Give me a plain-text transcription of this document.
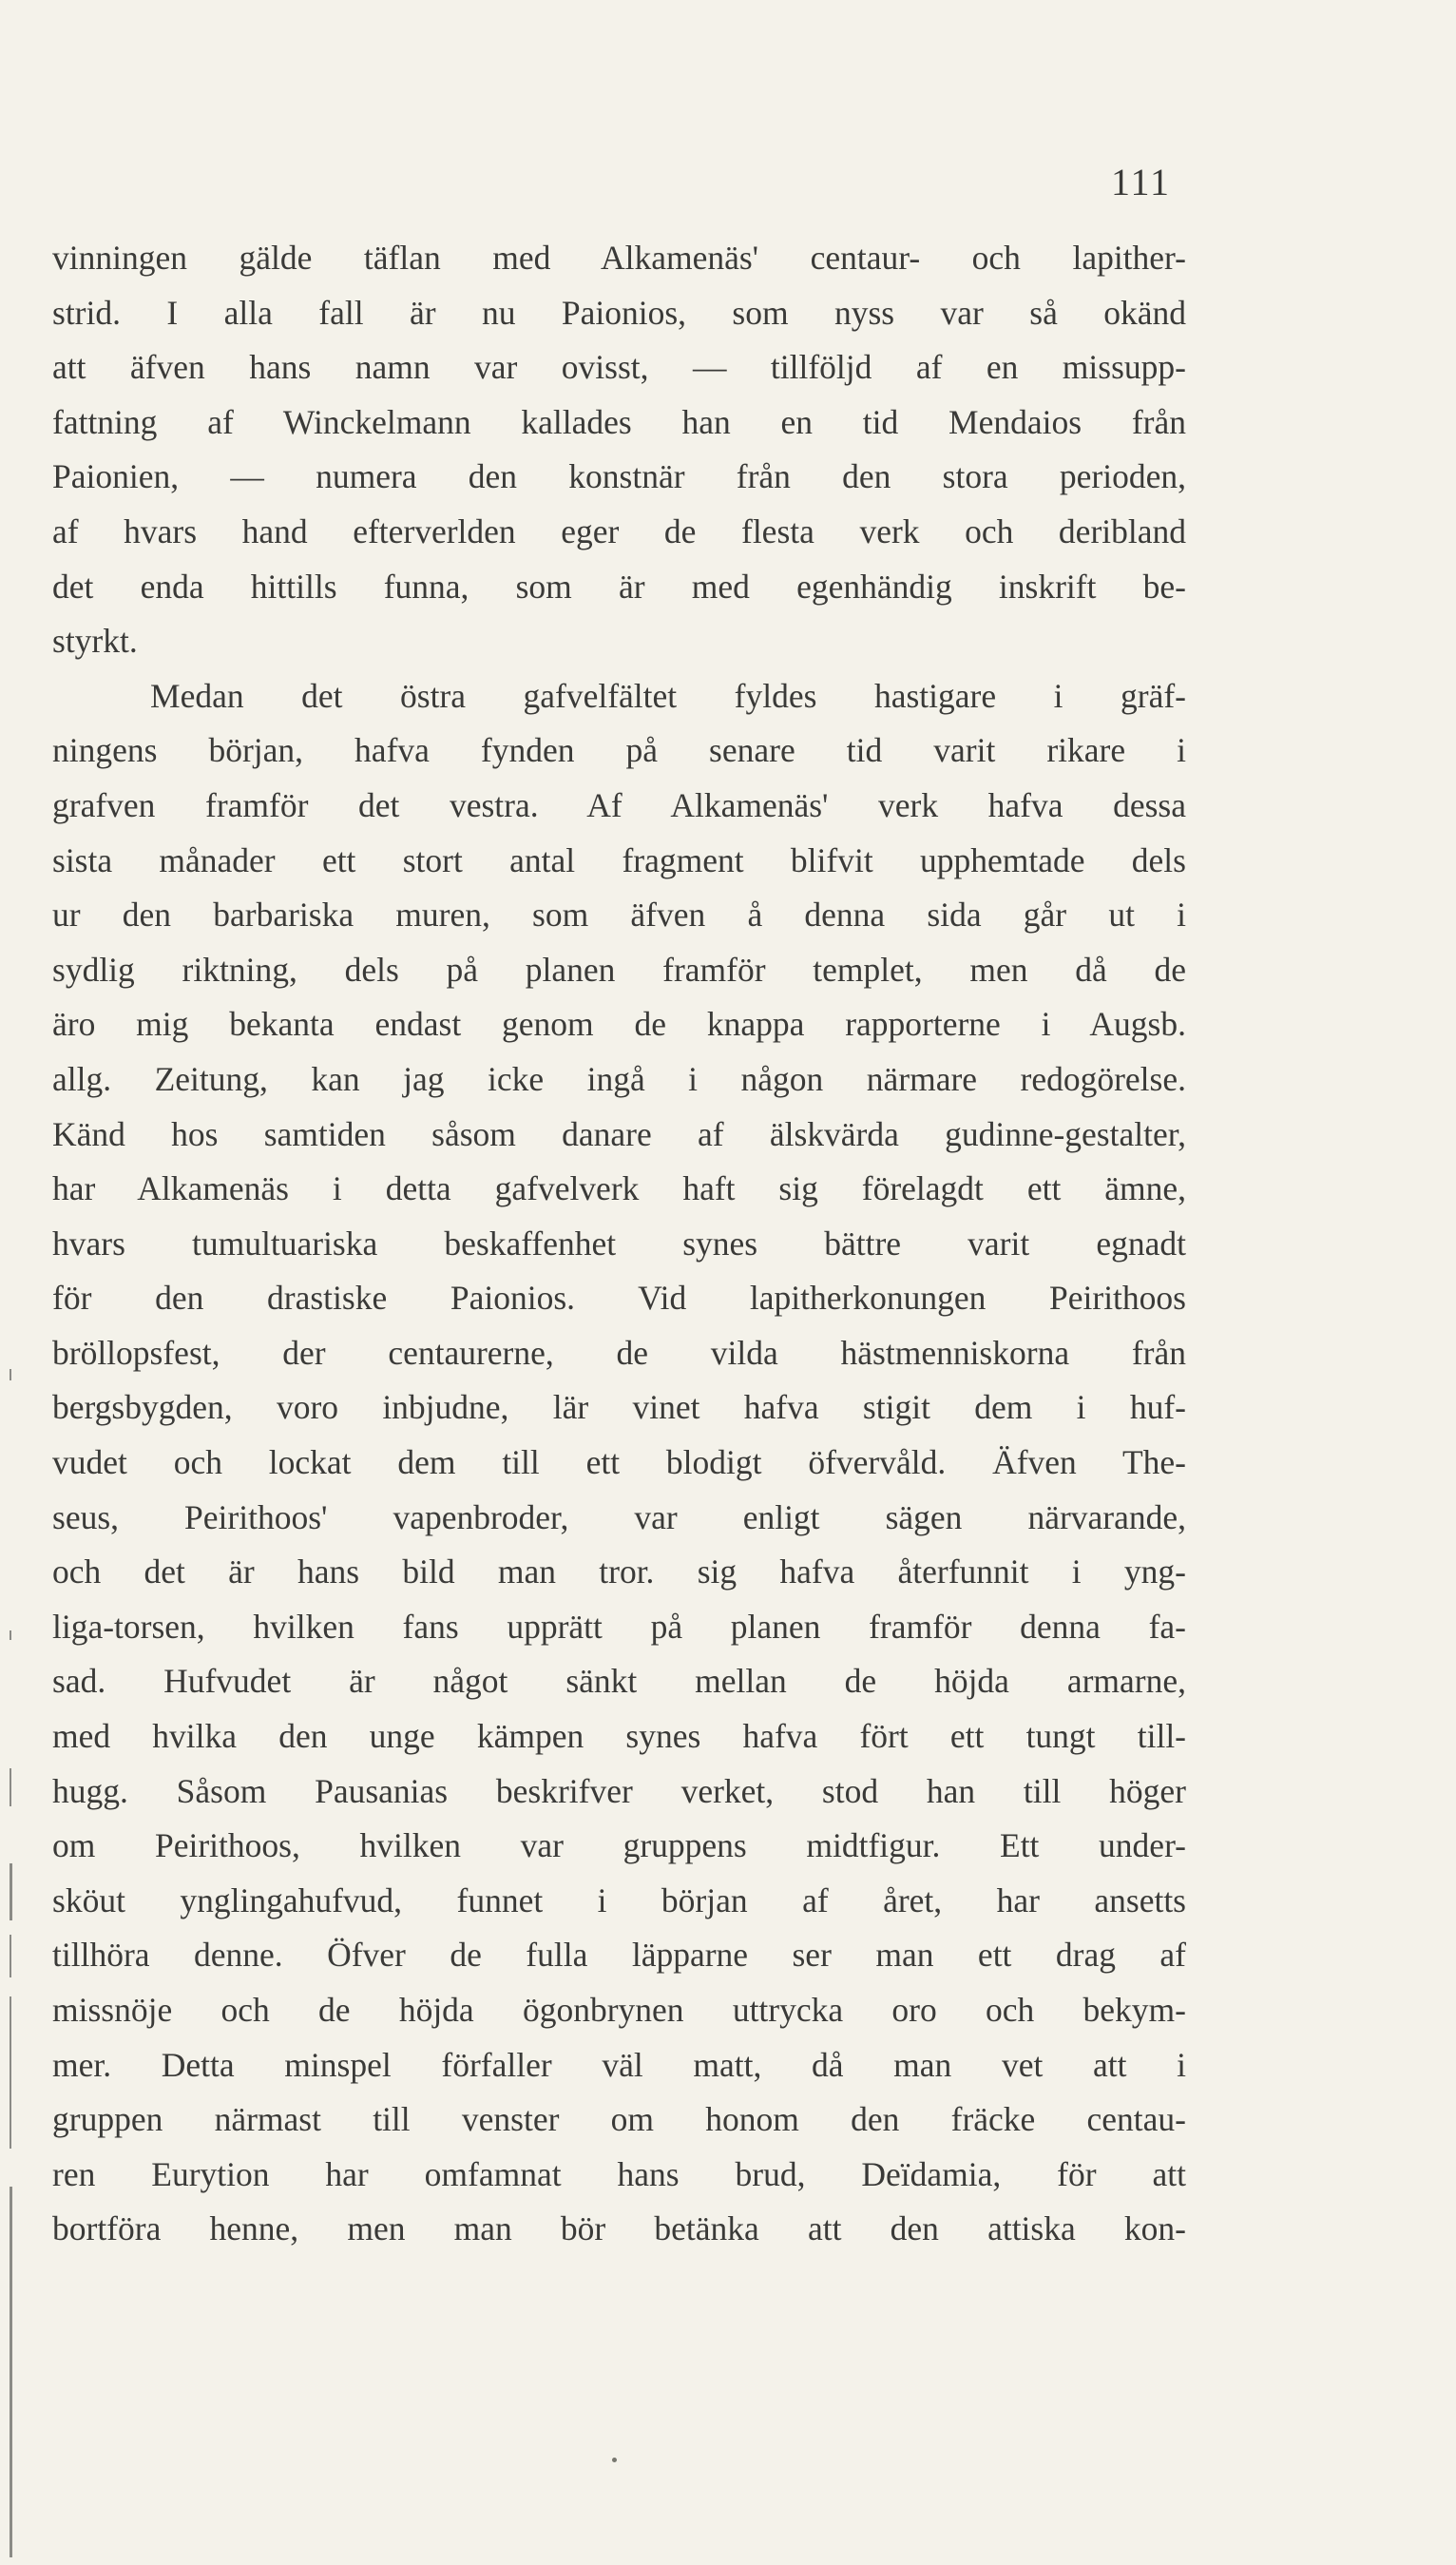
111
vinningen gälde täflan med Alkamenäs' centaur- och lapither-
strid. I alla fall är nu Paionios, som nyss var så okänd
att äfven hans namn var ovisst, — tillföljd af en missupp-
fattning af Winckelmann kallades han en tid Mendaios från
Paionien, — numera den konstnär från den stora perioden,
af hvars hand efterverlden eger de flesta verk och deribland
det enda hittills funna, som är med egenhändig inskrift be-
styrkt.
Medan det östra gafvelfältet fyldes hastigare i gräf-
ningens början, hafva fynden på senare tid varit rikare i
grafven framför det vestra. Af Alkamenäs' verk hafva dessa
sista månader ett stort antal fragment blifvit upphemtade dels
ur den barbariska muren, som äfven å denna sida går ut i
sydlig riktning, dels på planen framför templet, men då de
äro mig bekanta endast genom de knappa rapporterne i Augsb.
allg. Zeitung, kan jag icke ingå i någon närmare redogörelse.
Känd hos samtiden såsom danare af älskvärda gudinne-gestalter,
har Alkamenäs i detta gafvelverk haft sig förelagdt ett ämne,
hvars tumultuariska beskaffenhet synes bättre varit egnadt
för den drastiske Paionios. Vid lapitherkonungen Peirithoos
bröllopsfest, der centaurerne, de vilda hästmenniskorna från
bergsbygden, voro inbjudne, lär vinet hafva stigit dem i huf-
vudet och lockat dem till ett blodigt öfvervåld. Äfven The-
seus, Peirithoos' vapenbroder, var enligt sägen närvarande,
och det är hans bild man tror. sig hafva återfunnit i yng-
liga-torsen, hvilken fans upprätt på planen framför denna fa-
sad. Hufvudet är något sänkt mellan de höjda armarne,
med hvilka den unge kämpen synes hafva fört ett tungt till-
hugg. Såsom Pausanias beskrifver verket, stod han till höger
om Peirithoos, hvilken var gruppens midtfigur. Ett under-
sköut ynglingahufvud, funnet i början af året, har ansetts
tillhöra denne. Öfver de fulla läpparne ser man ett drag af
missnöje och de höjda ögonbrynen uttrycka oro och bekym-
mer. Detta minspel förfaller väl matt, då man vet att i
gruppen närmast till venster om honom den fräcke centau-
ren Eurytion har omfamnat hans brud, Deïdamia, för att
bortföra henne, men man bör betänka att den attiska kon-
